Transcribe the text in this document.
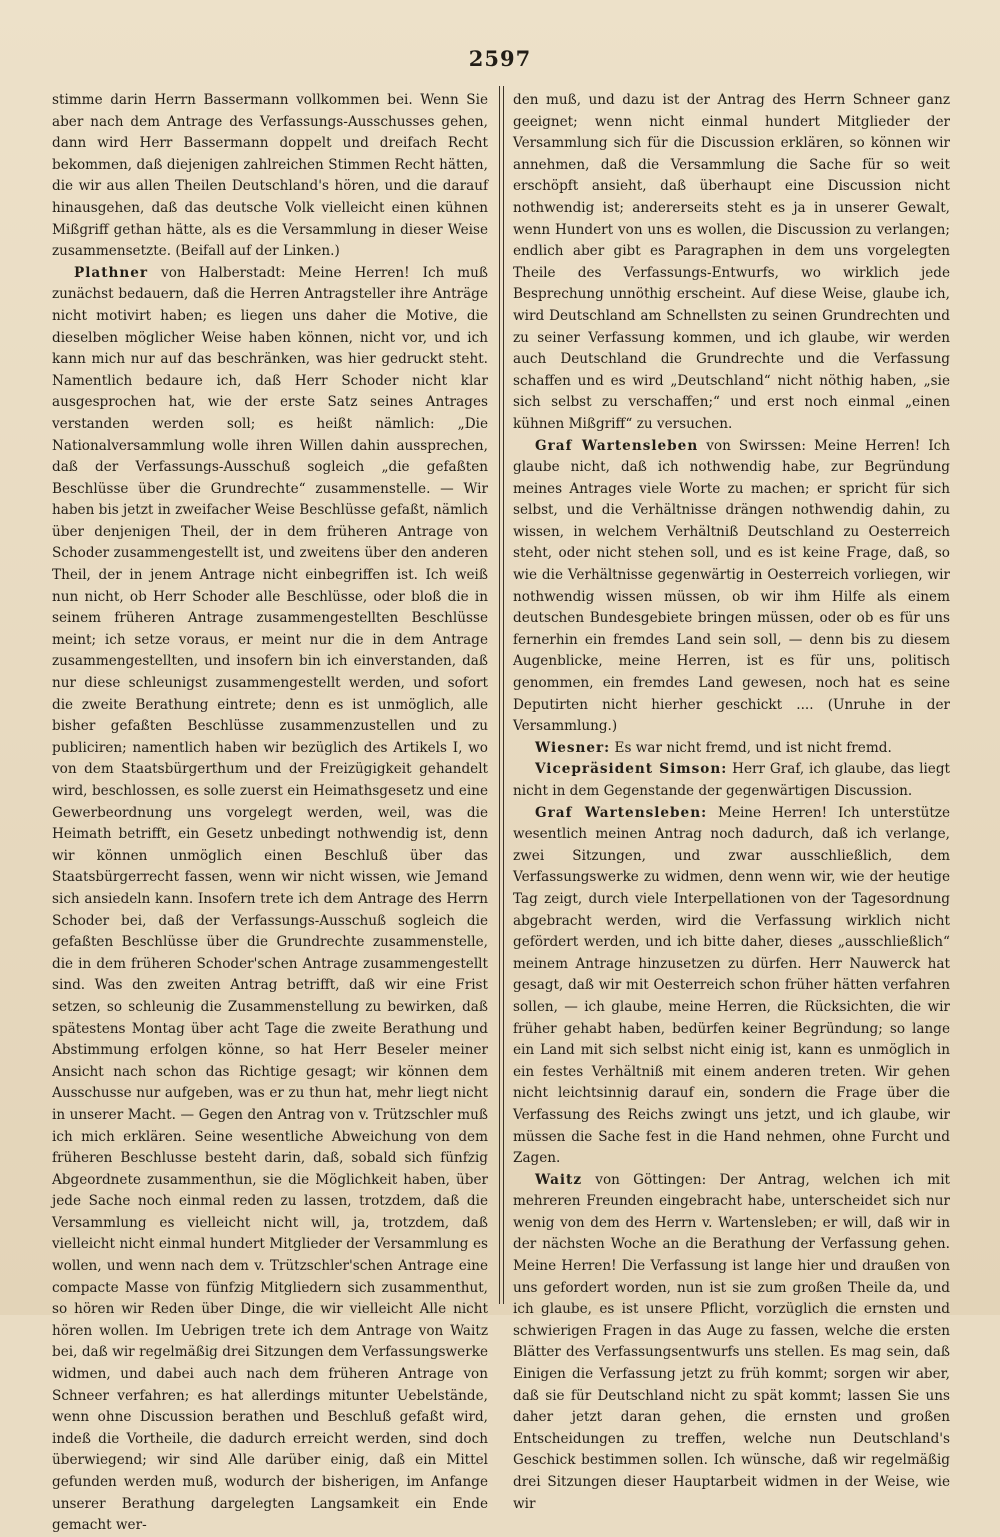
2597

stimme darin Herrn Bassermann vollkommen bei. Wenn Sie aber nach dem Antrage des Verfassungs-Ausschusses gehen, dann wird Herr Bassermann doppelt und dreifach Recht bekommen, daß diejenigen zahlreichen Stimmen Recht hätten, die wir aus allen Theilen Deutschland's hören, und die darauf hinausgehen, daß das deutsche Volk vielleicht einen kühnen Mißgriff gethan hätte, als es die Versammlung in dieser Weise zusammensetzte. (Beifall auf der Linken.)

Plathner von Halberstadt: Meine Herren! Ich muß zunächst bedauern, daß die Herren Antragsteller ihre Anträge nicht motivirt haben; es liegen uns daher die Motive, die dieselben möglicher Weise haben können, nicht vor, und ich kann mich nur auf das beschränken, was hier gedruckt steht. Namentlich bedaure ich, daß Herr Schoder nicht klar ausgesprochen hat, wie der erste Satz seines Antrages verstanden werden soll; es heißt nämlich: „Die Nationalversammlung wolle ihren Willen dahin aussprechen, daß der Verfassungs-Ausschuß sogleich „die gefaßten Beschlüsse über die Grundrechte“ zusammenstelle. — Wir haben bis jetzt in zweifacher Weise Beschlüsse gefaßt, nämlich über denjenigen Theil, der in dem früheren Antrage von Schoder zusammengestellt ist, und zweitens über den anderen Theil, der in jenem Antrage nicht einbegriffen ist. Ich weiß nun nicht, ob Herr Schoder alle Beschlüsse, oder bloß die in seinem früheren Antrage zusammengestellten Beschlüsse meint; ich setze voraus, er meint nur die in dem Antrage zusammengestellten, und insofern bin ich einverstanden, daß nur diese schleunigst zusammengestellt werden, und sofort die zweite Berathung eintrete; denn es ist unmöglich, alle bisher gefaßten Beschlüsse zusammenzustellen und zu publiciren; namentlich haben wir bezüglich des Artikels I, wo von dem Staatsbürgerthum und der Freizügigkeit gehandelt wird, beschlossen, es solle zuerst ein Heimathsgesetz und eine Gewerbeordnung uns vorgelegt werden, weil, was die Heimath betrifft, ein Gesetz unbedingt nothwendig ist, denn wir können unmöglich einen Beschluß über das Staatsbürgerrecht fassen, wenn wir nicht wissen, wie Jemand sich ansiedeln kann. Insofern trete ich dem Antrage des Herrn Schoder bei, daß der Verfassungs-Ausschuß sogleich die gefaßten Beschlüsse über die Grundrechte zusammenstelle, die in dem früheren Schoder'schen Antrage zusammengestellt sind. Was den zweiten Antrag betrifft, daß wir eine Frist setzen, so schleunig die Zusammenstellung zu bewirken, daß spätestens Montag über acht Tage die zweite Berathung und Abstimmung erfolgen könne, so hat Herr Beseler meiner Ansicht nach schon das Richtige gesagt; wir können dem Ausschusse nur aufgeben, was er zu thun hat, mehr liegt nicht in unserer Macht. — Gegen den Antrag von v. Trützschler muß ich mich erklären. Seine wesentliche Abweichung von dem früheren Beschlusse besteht darin, daß, sobald sich fünfzig Abgeordnete zusammenthun, sie die Möglichkeit haben, über jede Sache noch einmal reden zu lassen, trotzdem, daß die Versammlung es vielleicht nicht will, ja, trotzdem, daß vielleicht nicht einmal hundert Mitglieder der Versammlung es wollen, und wenn nach dem v. Trützschler'schen Antrage eine compacte Masse von fünfzig Mitgliedern sich zusammenthut, so hören wir Reden über Dinge, die wir vielleicht Alle nicht hören wollen. Im Uebrigen trete ich dem Antrage von Waitz bei, daß wir regelmäßig drei Sitzungen dem Verfassungswerke widmen, und dabei auch nach dem früheren Antrage von Schneer verfahren; es hat allerdings mitunter Uebelstände, wenn ohne Discussion berathen und Beschluß gefaßt wird, indeß die Vortheile, die dadurch erreicht werden, sind doch überwiegend; wir sind Alle darüber einig, daß ein Mittel gefunden werden muß, wodurch der bisherigen, im Anfange unserer Berathung dargelegten Langsamkeit ein Ende gemacht wer-

den muß, und dazu ist der Antrag des Herrn Schneer ganz geeignet; wenn nicht einmal hundert Mitglieder der Versammlung sich für die Discussion erklären, so können wir annehmen, daß die Versammlung die Sache für so weit erschöpft ansieht, daß überhaupt eine Discussion nicht nothwendig ist; andererseits steht es ja in unserer Gewalt, wenn Hundert von uns es wollen, die Discussion zu verlangen; endlich aber gibt es Paragraphen in dem uns vorgelegten Theile des Verfassungs-Entwurfs, wo wirklich jede Besprechung unnöthig erscheint. Auf diese Weise, glaube ich, wird Deutschland am Schnellsten zu seinen Grundrechten und zu seiner Verfassung kommen, und ich glaube, wir werden auch Deutschland die Grundrechte und die Verfassung schaffen und es wird „Deutschland“ nicht nöthig haben, „sie sich selbst zu verschaffen;“ und erst noch einmal „einen kühnen Mißgriff“ zu versuchen.

Graf Wartensleben von Swirssen: Meine Herren! Ich glaube nicht, daß ich nothwendig habe, zur Begründung meines Antrages viele Worte zu machen; er spricht für sich selbst, und die Verhältnisse drängen nothwendig dahin, zu wissen, in welchem Verhältniß Deutschland zu Oesterreich steht, oder nicht stehen soll, und es ist keine Frage, daß, so wie die Verhältnisse gegenwärtig in Oesterreich vorliegen, wir nothwendig wissen müssen, ob wir ihm Hilfe als einem deutschen Bundesgebiete bringen müssen, oder ob es für uns fernerhin ein fremdes Land sein soll, — denn bis zu diesem Augenblicke, meine Herren, ist es für uns, politisch genommen, ein fremdes Land gewesen, noch hat es seine Deputirten nicht hierher geschickt .... (Unruhe in der Versammlung.)

Wiesner: Es war nicht fremd, und ist nicht fremd.

Vicepräsident Simson: Herr Graf, ich glaube, das liegt nicht in dem Gegenstande der gegenwärtigen Discussion.

Graf Wartensleben: Meine Herren! Ich unterstütze wesentlich meinen Antrag noch dadurch, daß ich verlange, zwei Sitzungen, und zwar ausschließlich, dem Verfassungswerke zu widmen, denn wenn wir, wie der heutige Tag zeigt, durch viele Interpellationen von der Tagesordnung abgebracht werden, wird die Verfassung wirklich nicht gefördert werden, und ich bitte daher, dieses „ausschließlich“ meinem Antrage hinzusetzen zu dürfen. Herr Nauwerck hat gesagt, daß wir mit Oesterreich schon früher hätten verfahren sollen, — ich glaube, meine Herren, die Rücksichten, die wir früher gehabt haben, bedürfen keiner Begründung; so lange ein Land mit sich selbst nicht einig ist, kann es unmöglich in ein festes Verhältniß mit einem anderen treten. Wir gehen nicht leichtsinnig darauf ein, sondern die Frage über die Verfassung des Reichs zwingt uns jetzt, und ich glaube, wir müssen die Sache fest in die Hand nehmen, ohne Furcht und Zagen.

Waitz von Göttingen: Der Antrag, welchen ich mit mehreren Freunden eingebracht habe, unterscheidet sich nur wenig von dem des Herrn v. Wartensleben; er will, daß wir in der nächsten Woche an die Berathung der Verfassung gehen. Meine Herren! Die Verfassung ist lange hier und draußen von uns gefordert worden, nun ist sie zum großen Theile da, und ich glaube, es ist unsere Pflicht, vorzüglich die ernsten und schwierigen Fragen in das Auge zu fassen, welche die ersten Blätter des Verfassungsentwurfs uns stellen. Es mag sein, daß Einigen die Verfassung jetzt zu früh kommt; sorgen wir aber, daß sie für Deutschland nicht zu spät kommt; lassen Sie uns daher jetzt daran gehen, die ernsten und großen Entscheidungen zu treffen, welche nun Deutschland's Geschick bestimmen sollen. Ich wünsche, daß wir regelmäßig drei Sitzungen dieser Hauptarbeit widmen in der Weise, wie wir
